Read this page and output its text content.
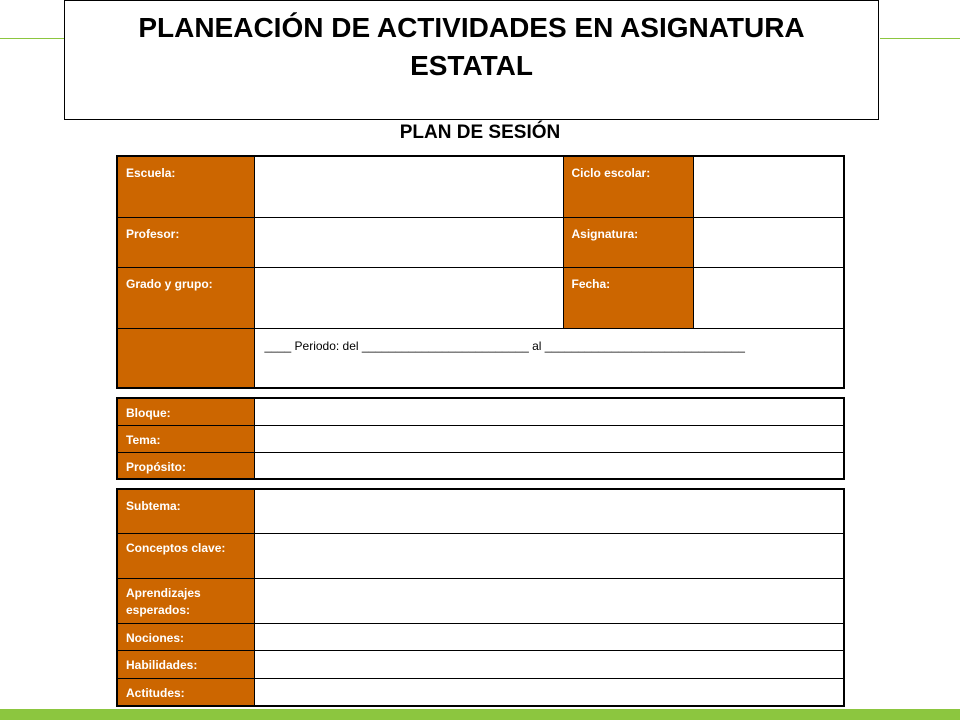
PLANEACIÓN DE ACTIVIDADES EN ASIGNATURA ESTATAL
PLAN DE SESIÓN
Escuela:		Ciclo escolar:	
Profesor:		Asignatura:	
Grado y grupo:		Fecha:	

	____ Periodo: del _________________________ al ______________________________		
Bloque:	
Tema:	
Propósito:	
Subtema:	
Conceptos clave:	
Aprendizajes esperados:	
Nociones:	
Habilidades:	
Actitudes:	
